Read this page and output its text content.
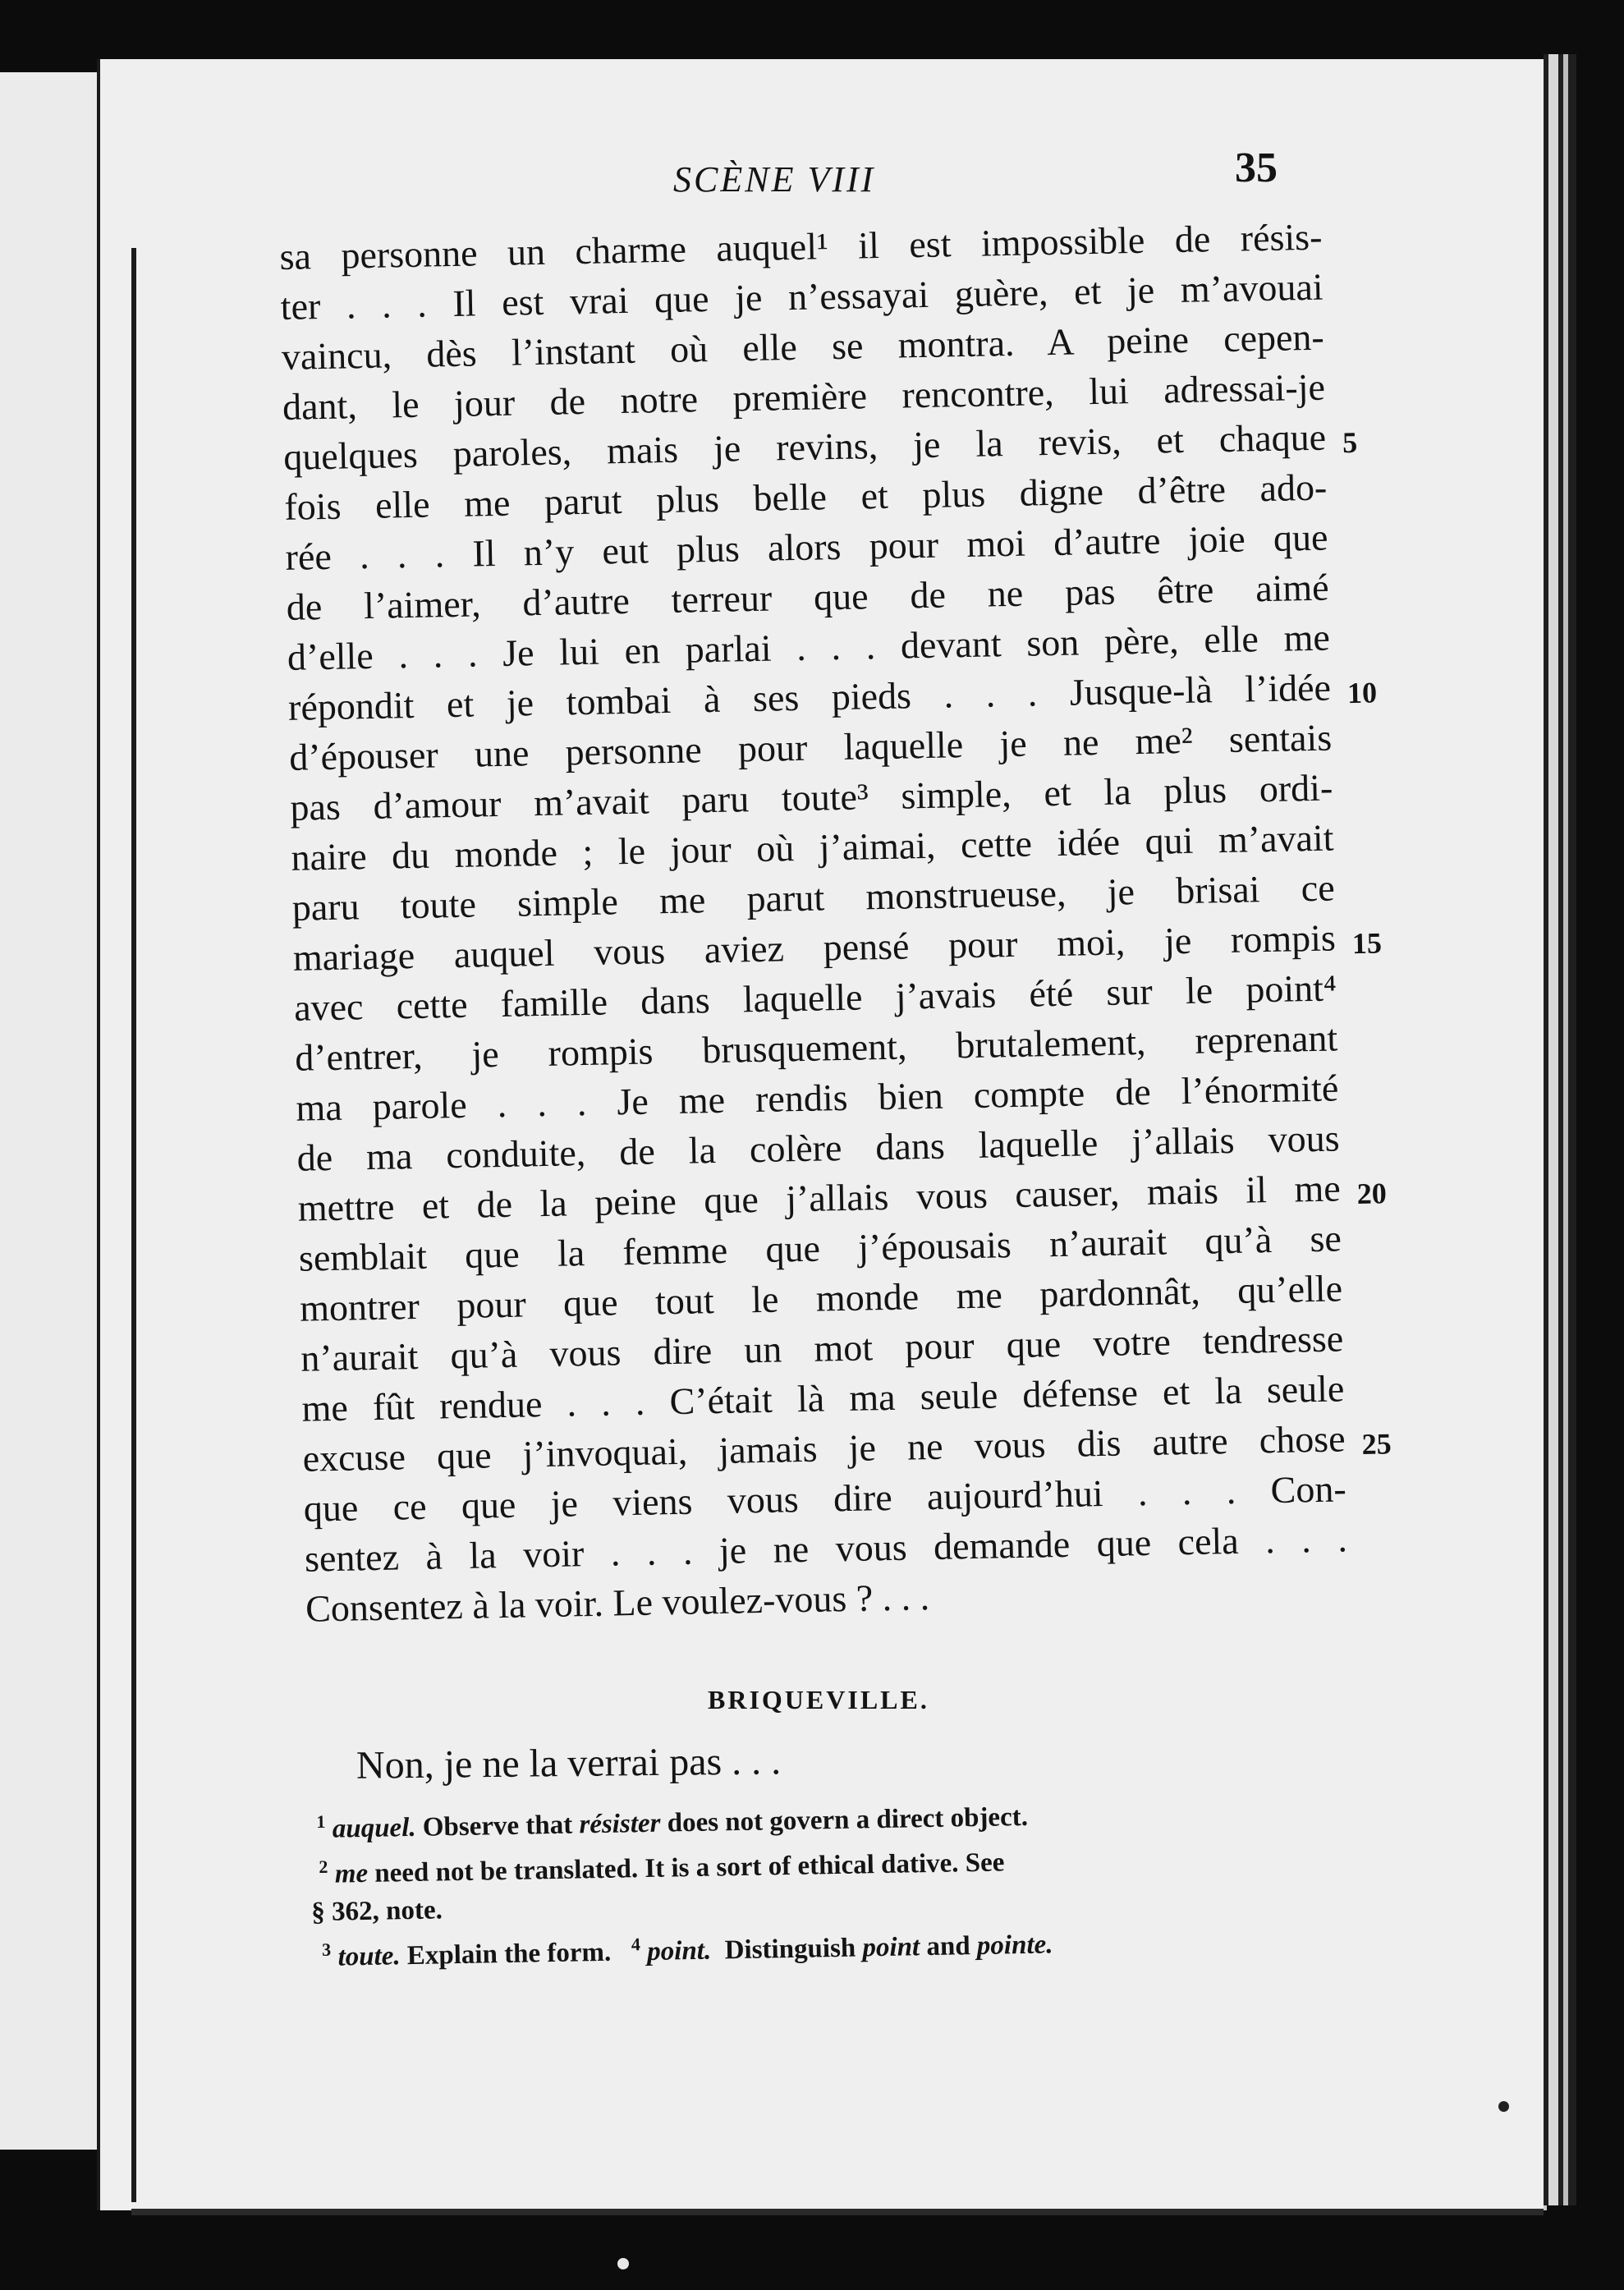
SCÈNE VIII	35
sa personne un charme auquel¹ il est impossible de résis-
ter . . . Il est vrai que je n’essayai guère, et je m’avouai
vaincu, dès l’instant où elle se montra. A peine cepen-
dant, le jour de notre première rencontre, lui adressai-je
quelques paroles, mais je revins, je la revis, et chaque 5
fois elle me parut plus belle et plus digne d’être ado-
rée . . . Il n’y eut plus alors pour moi d’autre joie que
de l’aimer, d’autre terreur que de ne pas être aimé
d’elle . . . Je lui en parlai . . . devant son père, elle me
répondit et je tombai à ses pieds . . . Jusque-là l’idée 10
d’épouser une personne pour laquelle je ne me² sentais
pas d’amour m’avait paru toute³ simple, et la plus ordi-
naire du monde ; le jour où j’aimai, cette idée qui m’avait
paru toute simple me parut monstrueuse, je brisai ce
mariage auquel vous aviez pensé pour moi, je rompis 15
avec cette famille dans laquelle j’avais été sur le point⁴
d’entrer, je rompis brusquement, brutalement, reprenant
ma parole . . . Je me rendis bien compte de l’énormité
de ma conduite, de la colère dans laquelle j’allais vous
mettre et de la peine que j’allais vous causer, mais il me 20
semblait que la femme que j’épousais n’aurait qu’à se
montrer pour que tout le monde me pardonnât, qu’elle
n’aurait qu’à vous dire un mot pour que votre tendresse
me fût rendue . . . C’était là ma seule défense et la seule
excuse que j’invoquai, jamais je ne vous dis autre chose 25
que ce que je viens vous dire aujourd’hui . . . Con-
sentez à la voir . . . je ne vous demande que cela . . .
Consentez à la voir. Le voulez-vous ? . . .
BRIQUEVILLE.
Non, je ne la verrai pas . . .
$^1$ auquel. Observe that résister does not govern a direct object.
$^2$ me need not be translated. It is a sort of ethical dative. See
§ 362, note.
$^3$ toute. Explain the form. $^4$ point. Distinguish point and pointe.
